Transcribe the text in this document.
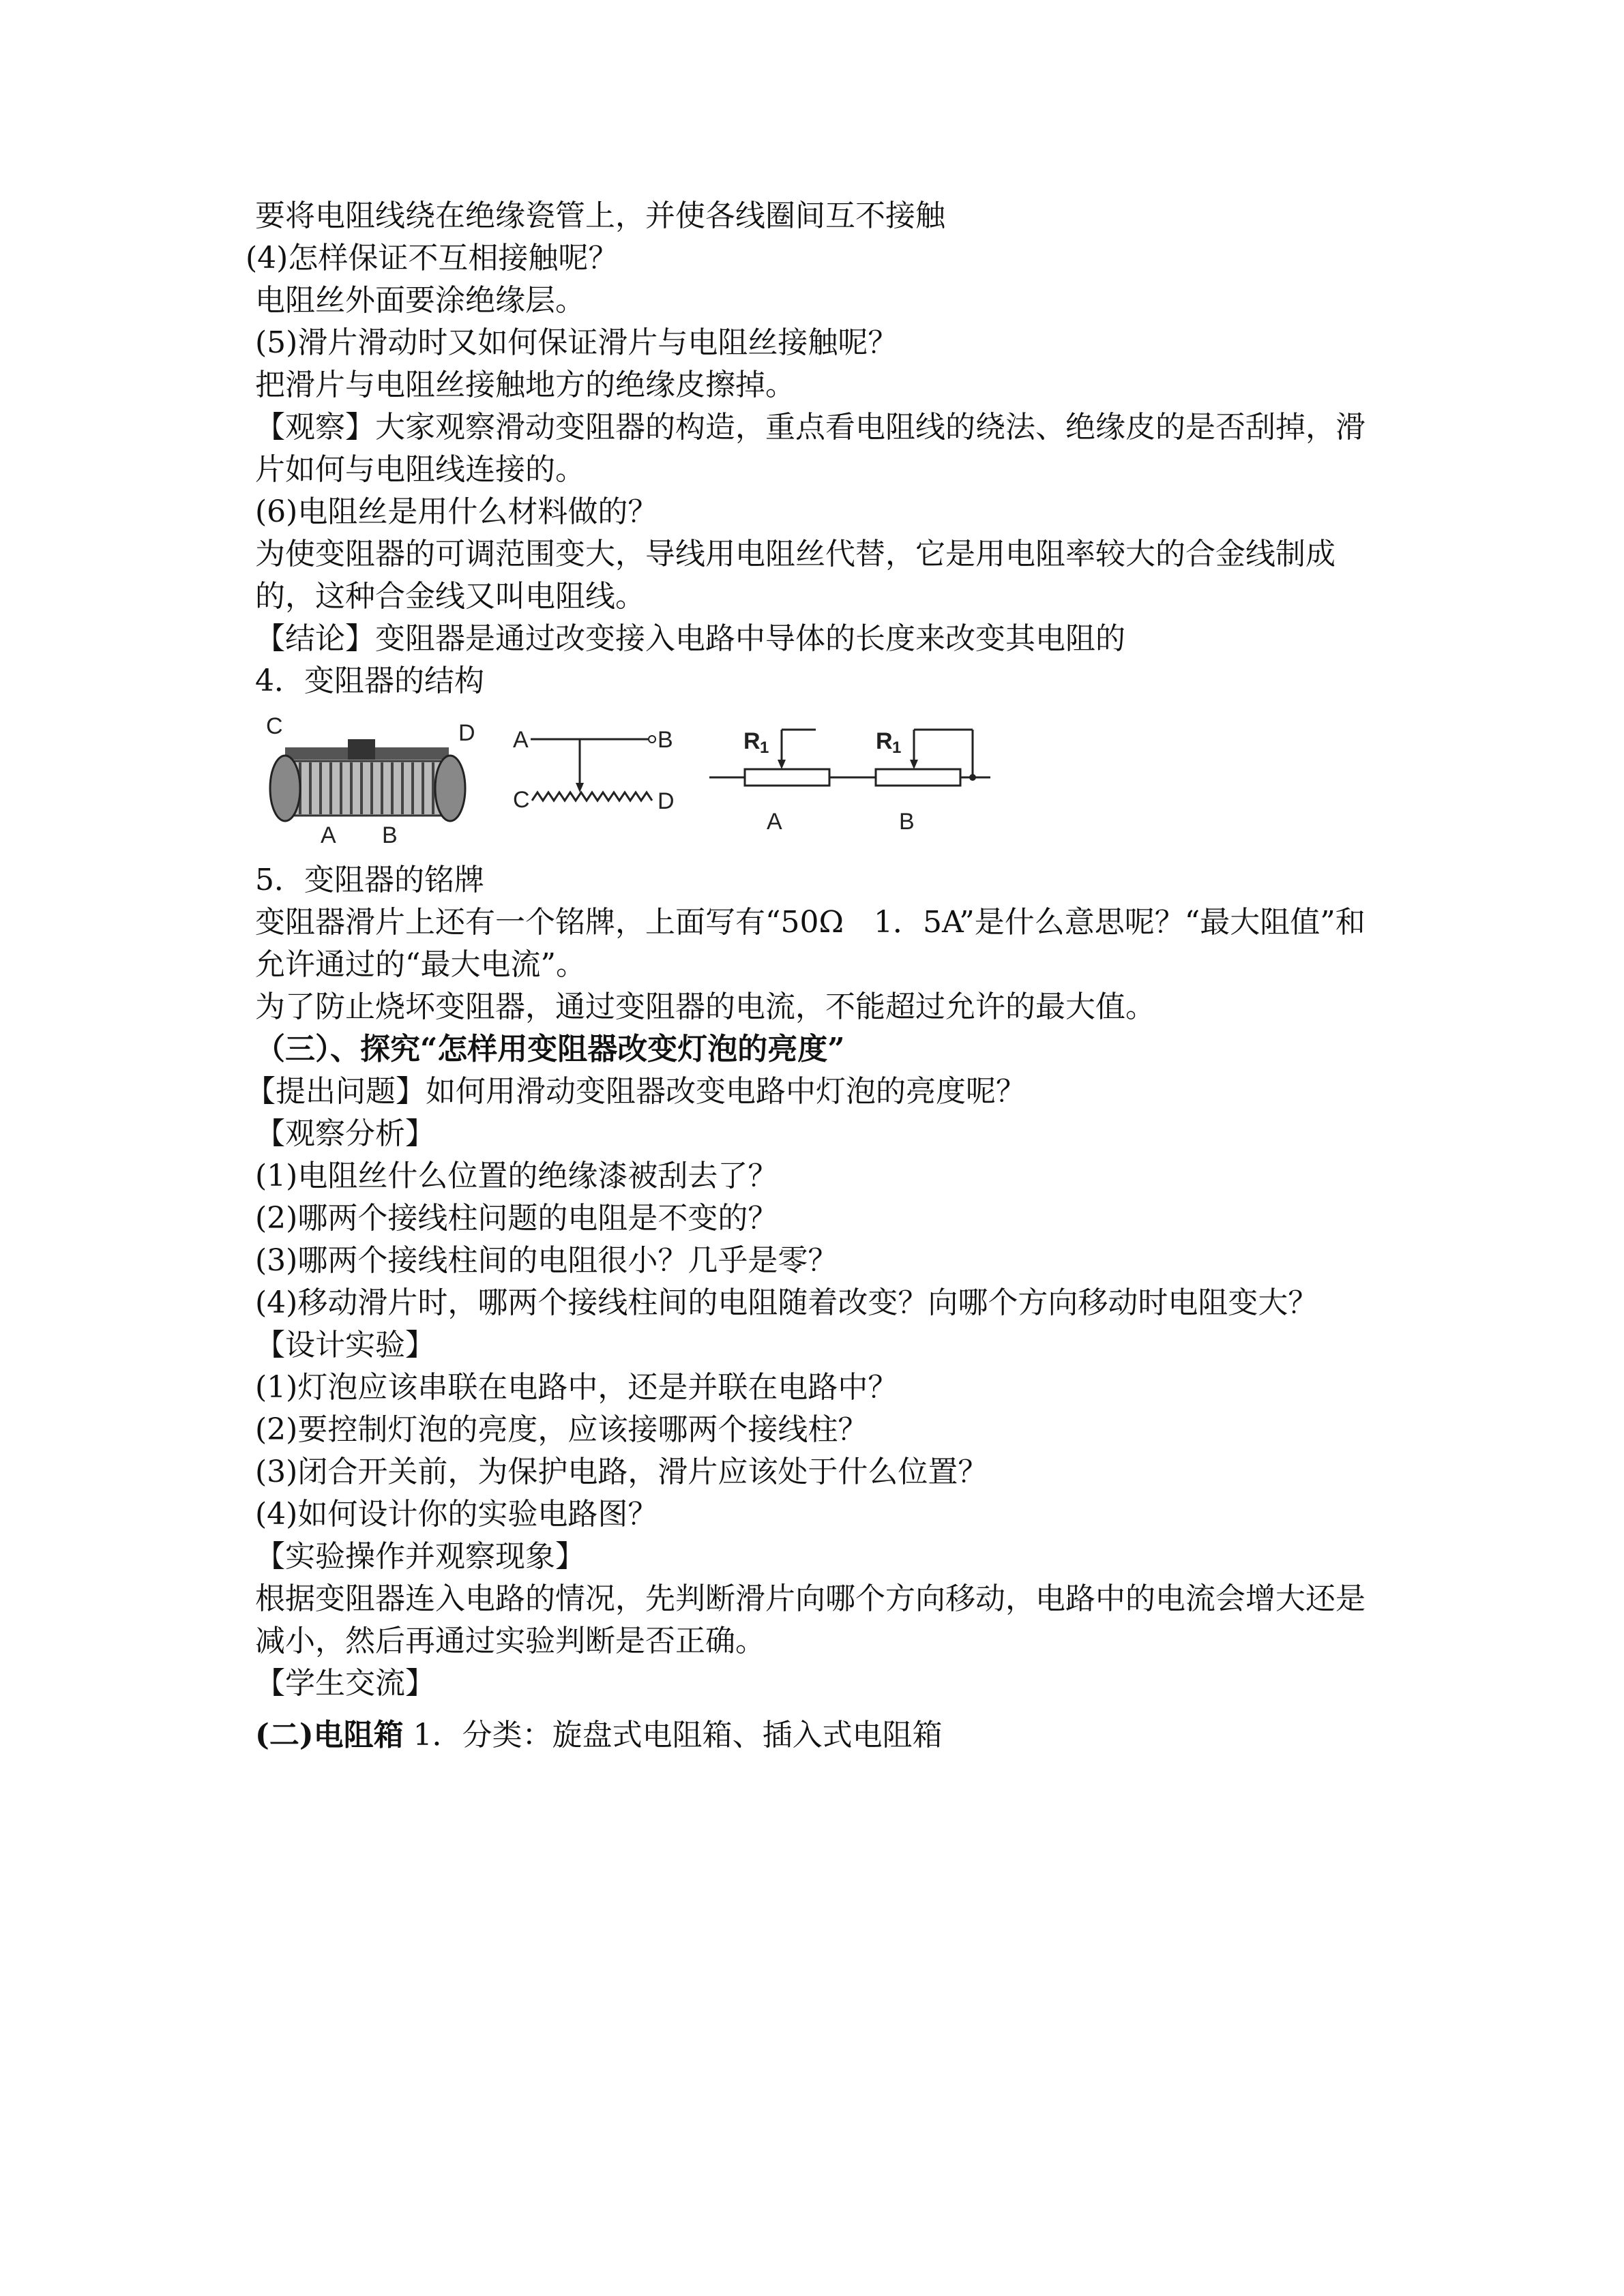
要将电阻线绕在绝缘瓷管上，并使各线圈间互不接触
(4)怎样保证不互相接触呢？
电阻丝外面要涂绝缘层。
(5)滑片滑动时又如何保证滑片与电阻丝接触呢？
把滑片与电阻丝接触地方的绝缘皮擦掉。
【观察】大家观察滑动变阻器的构造，重点看电阻线的绕法、绝缘皮的是否刮掉，滑片如何与电阻线连接的。
(6)电阻丝是用什么材料做的？
为使变阻器的可调范围变大，导线用电阻丝代替，它是用电阻率较大的合金线制成的，这种合金线又叫电阻线。
【结论】变阻器是通过改变接入电路中导体的长度来改变其电阻的
4．变阻器的结构
C	D
A B
A	B
C	D
R 1
A
R 1
B
5．变阻器的铭牌
变阻器滑片上还有一个铭牌，上面写有“50Ω　1．5A”是什么意思呢？“最大阻值”和允许通过的“最大电流”。
为了防止烧坏变阻器，通过变阻器的电流，不能超过允许的最大值。
（三）、探究“怎样用变阻器改变灯泡的亮度”
【提出问题】如何用滑动变阻器改变电路中灯泡的亮度呢？
【观察分析】
(1)电阻丝什么位置的绝缘漆被刮去了？
(2)哪两个接线柱问题的电阻是不变的？
(3)哪两个接线柱间的电阻很小？几乎是零？
(4)移动滑片时，哪两个接线柱间的电阻随着改变？向哪个方向移动时电阻变大？
【设计实验】
(1)灯泡应该串联在电路中，还是并联在电路中？
(2)要控制灯泡的亮度，应该接哪两个接线柱？
(3)闭合开关前，为保护电路，滑片应该处于什么位置？
(4)如何设计你的实验电路图？
【实验操作并观察现象】
根据变阻器连入电路的情况，先判断滑片向哪个方向移动，电路中的电流会增大还是减小，然后再通过实验判断是否正确。
【学生交流】
(二)电阻箱 1．分类：旋盘式电阻箱、插入式电阻箱
